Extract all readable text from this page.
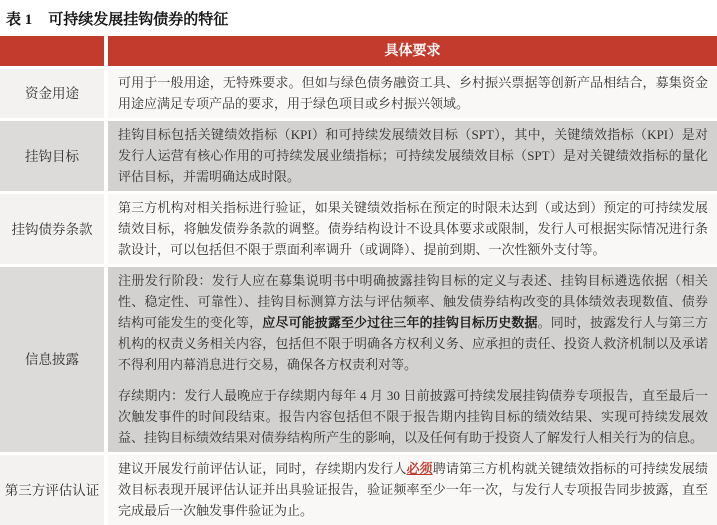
表 1 可持续发展挂钩债券的特征
具体要求
资金用途

可用于一般用途，无特殊要求。但如与绿色债务融资工具、乡村振兴票据等创新产品相结合，募集资金用途应满足专项产品的要求，用于绿色项目或乡村振兴领域。

挂钩目标

挂钩目标包括关键绩效指标（KPI）和可持续发展绩效目标（SPT），其中，关键绩效指标（KPI）是对发行人运营有核心作用的可持续发展业绩指标；可持续发展绩效目标（SPT）是对关键绩效指标的量化评估目标，并需明确达成时限。

挂钩债券条款

第三方机构对相关指标进行验证，如果关键绩效指标在预定的时限未达到（或达到）预定的可持续发展绩效目标，将触发债券条款的调整。债券结构设计不设具体要求或限制，发行人可根据实际情况进行条款设计，可以包括但不限于票面利率调升（或调降）、提前到期、一次性额外支付等。

信息披露

注册发行阶段：发行人应在募集说明书中明确披露挂钩目标的定义与表述、挂钩目标遴选依据（相关性、稳定性、可靠性）、挂钩目标测算方法与评估频率、触发债券结构改变的具体绩效表现数值、债券结构可能发生的变化等，应尽可能披露至少过往三年的挂钩目标历史数据。同时，披露发行人与第三方机构的权责义务相关内容，包括但不限于明确各方权利义务、应承担的责任、投资人救济机制以及承诺不得利用内幕消息进行交易，确保各方权责利对等。

存续期内：发行人最晚应于存续期内每年 4 月 30 日前披露可持续发展挂钩债券专项报告，直至最后一次触发事件的时间段结束。报告内容包括但不限于报告期内挂钩目标的绩效结果、实现可持续发展效益、挂钩目标绩效结果对债券结构所产生的影响，以及任何有助于投资人了解发行人相关行为的信息。

第三方评估认证

建议开展发行前评估认证，同时，存续期内发行人必须聘请第三方机构就关键绩效指标的可持续发展绩效目标表现开展评估认证并出具验证报告，验证频率至少一年一次，与发行人专项报告同步披露，直至完成最后一次触发事件验证为止。
